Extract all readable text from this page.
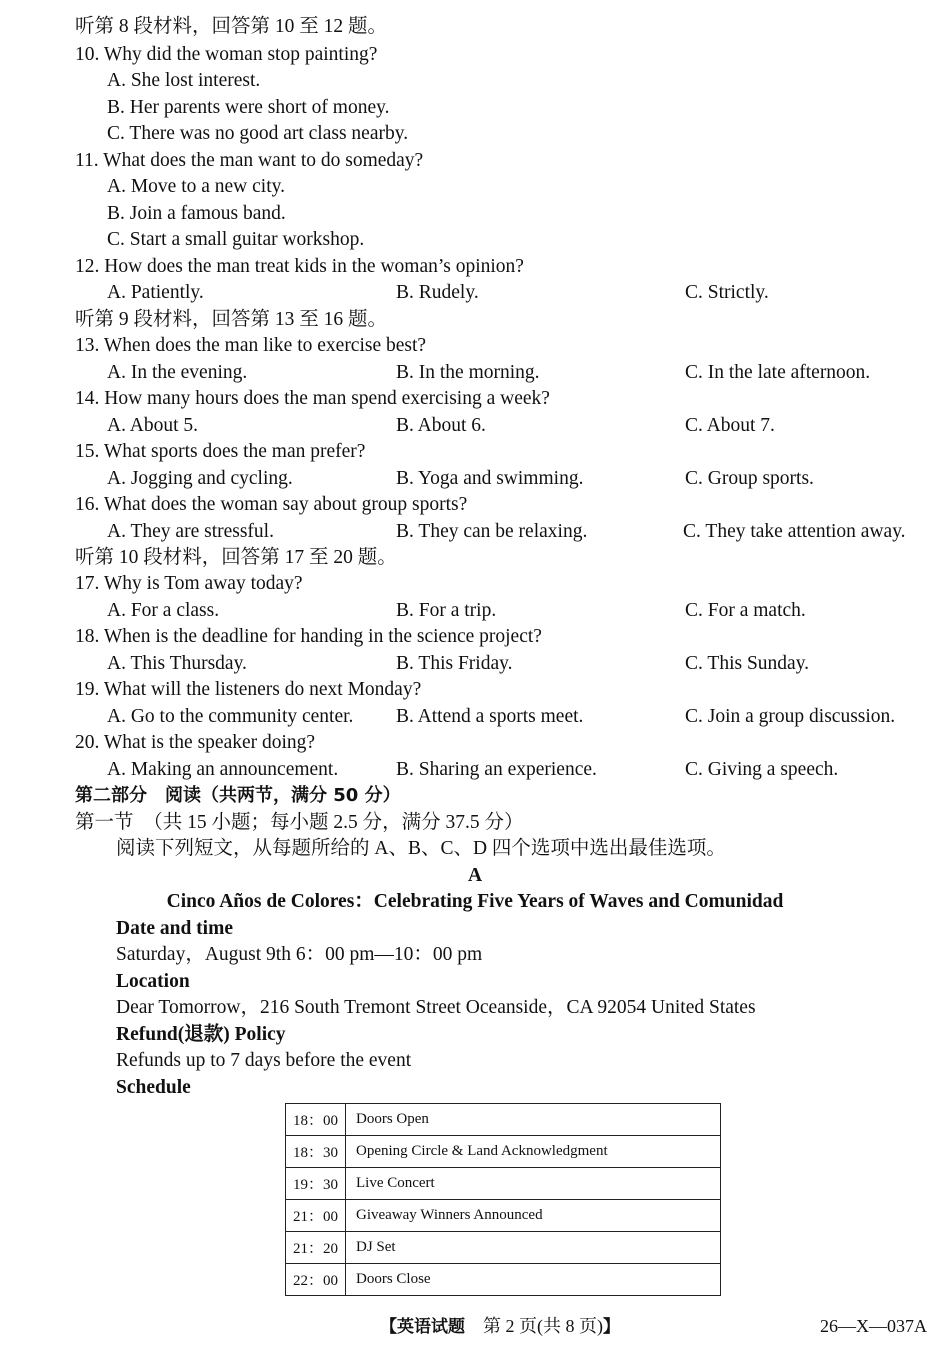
听第 8 段材料，回答第 10 至 12 题。
10. Why did the woman stop painting?
A. She lost interest.
B. Her parents were short of money.
C. There was no good art class nearby.
11. What does the man want to do someday?
A. Move to a new city.
B. Join a famous band.
C. Start a small guitar workshop.
12. How does the man treat kids in the woman’s opinion?
A. Patiently.	B. Rudely.	C. Strictly.
听第 9 段材料，回答第 13 至 16 题。
13. When does the man like to exercise best?
A. In the evening.	B. In the morning.	C. In the late afternoon.
14. How many hours does the man spend exercising a week?
A. About 5.	B. About 6.	C. About 7.
15. What sports does the man prefer?
A. Jogging and cycling.	B. Yoga and swimming.	C. Group sports.
16. What does the woman say about group sports?
A. They are stressful.	B. They can be relaxing.	C. They take attention away.
听第 10 段材料，回答第 17 至 20 题。
17. Why is Tom away today?
A. For a class.	B. For a trip.	C. For a match.
18. When is the deadline for handing in the science project?
A. This Thursday.	B. This Friday.	C. This Sunday.
19. What will the listeners do next Monday?
A. Go to the community center. B. Attend a sports meet.	C. Join a group discussion.
20. What is the speaker doing?
A. Making an announcement.	B. Sharing an experience.	C. Giving a speech.
第二部分　阅读（共两节，满分 50 分）
第一节　（共 15 小题；每小题 2.5 分，满分 37.5 分）
阅读下列短文，从每题所给的 A、B、C、D 四个选项中选出最佳选项。
A
Cinco Años de Colores：Celebrating Five Years of Waves and Comunidad
Date and time
Saturday，August 9th 6：00 pm—10：00 pm
Location
Dear Tomorrow，216 South Tremont Street Oceanside，CA 92054 United States
Refund(退款) Policy
Refunds up to 7 days before the event
Schedule
18：00	Doors Open
18：30	Opening Circle & Land Acknowledgment
19：30	Live Concert
21：00	Giveaway Winners Announced
21：20	DJ Set
22：00	Doors Close
【英语试题　 第 2 页(共 8 页)】	26—X—037A
